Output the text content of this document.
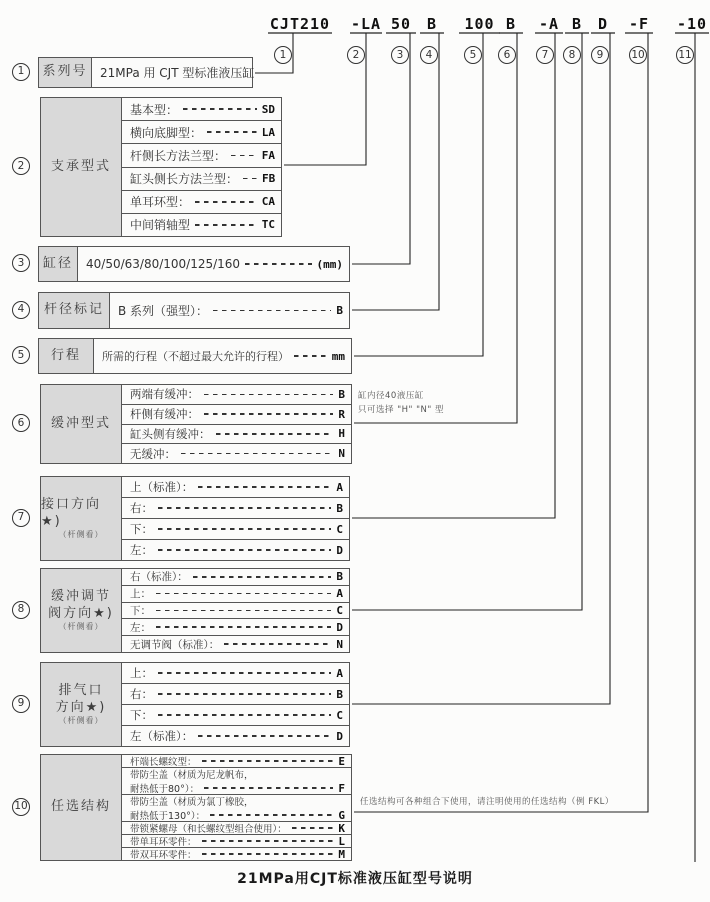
CJT210
1
-LA
2
50
3
B
4
100
5
B
6
-A
7
B
8
D
9
-F
10
-10
11
1	系列号 21MPa 用 CJT 型标准液压缸
2	支承型式
基本型：	SD
横向底脚型：	LA
杆侧长方法兰型：	FA
缸头侧长方法兰型： FB
单耳环型：	CA
中间销轴型	TC
3	缸径 40/50/63/80/100/125/160	(mm)
4	杆径标记 B 系列（强型）：	B
5	行程 所需的行程（不超过最大允许的行程）	mm
6	缓冲型式
两端有缓冲：	B
杆侧有缓冲：	R
缸头侧有缓冲：	H
无缓冲：	N
7
接口方向★)
（杆侧看）
上（标准）：	A
右：	B
下：	C
左：	D
8
缓冲调节
阀方向★)
（杆侧看）
右（标准）：	B
上：	A
下：	C
左：	D
无调节阀（标准）：	N
9
排气口
方向★)
（杆侧看）
上：	A
右：	B
下：	C
左（标准）：	D
10 任选结构
杆端长螺纹型：	E
带防尘盖（材质为尼龙帆布，
耐热低于80°）：	F
带防尘盖（材质为氯丁橡胶，
耐热低于130°）：	G
带锁紧螺母（和长螺纹型组合使用）：	K
带单耳环零件：	L
带双耳环零件：	M
21MPa用CJT标准液压缸型号说明
缸内径40液压缸
只可选择 "H" "N" 型
任选结构可各种组合下使用，请注明使用的任选结构（例 FKL）
